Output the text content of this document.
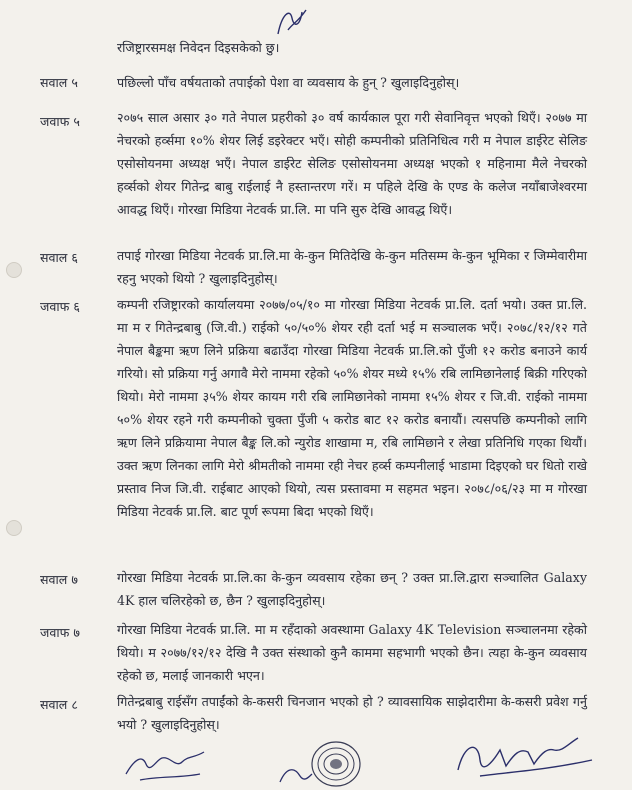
रजिष्ट्रारसमक्ष निवेदन दिइसकेको छु।
सवाल ५	पछिल्लो पाँच वर्षयताको तपाईको पेशा वा व्यवसाय के हुन् ? खुलाइदिनुहोस्।

जवाफ ५	२०७५ साल असार ३० गते नेपाल प्रहरीको ३० वर्ष कार्यकाल पूरा गरी सेवानिवृत्त भएको थिएँ। २०७७ मा नेचरको हर्व्समा १०% शेयर लिई डइरेक्टर भएँ। सोही कम्पनीको प्रतिनिधित्व गरी म नेपाल डाईरेट सेलिङ एसोसोयनमा अध्यक्ष भएँ। नेपाल डाईरेट सेलिङ एसोसोयनमा अध्यक्ष भएको १ महिनामा मैले नेचरको हर्व्सको शेयर गितेन्द्र बाबु राईलाई नै हस्तान्तरण गरें। म पहिले देखि के एण्ड के कलेज नयाँबाजेश्वरमा आवद्ध थिएँ। गोरखा मिडिया नेटवर्क प्रा.लि. मा पनि सुरु देखि आवद्ध थिएँ।

सवाल ६	तपाई गोरखा मिडिया नेटवर्क प्रा.लि.मा के-कुन मितिदेखि के-कुन मतिसम्म के-कुन भूमिका र जिम्मेवारीमा रहनु भएको थियो ? खुलाइदिनुहोस्।

जवाफ ६	कम्पनी रजिष्ट्रारको कार्यालयमा २०७७/०५/१० मा गोरखा मिडिया नेटवर्क प्रा.लि. दर्ता भयो। उक्त प्रा.लि. मा म र गितेन्द्रबाबु (जि.वी.) राईको ५०/५०% शेयर रही दर्ता भई म सञ्चालक भएँ। २०७८/१२/१२ गते नेपाल बैङ्कमा ऋण लिने प्रक्रिया बढाउँदा गोरखा मिडिया नेटवर्क प्रा.लि.को पुँजी १२ करोड बनाउने कार्य गरियो। सो प्रक्रिया गर्नु अगावै मेरो नाममा रहेको ५०% शेयर मध्ये १५% रबि लामिछानेलाई बिक्री गरिएको थियो। मेरो नाममा ३५% शेयर कायम गरी रबि लामिछानेको नाममा १५% शेयर र जि.वी. राईको नाममा ५०% शेयर रहने गरी कम्पनीको चुक्ता पुँजी ५ करोड बाट १२ करोड बनायौं। त्यसपछि कम्पनीको लागि ऋण लिने प्रक्रियामा नेपाल बैङ्क लि.को न्युरोड शाखामा म, रबि लामिछाने र लेखा प्रतिनिधि गएका थियौं। उक्त ऋण लिनका लागि मेरो श्रीमतीको नाममा रही नेचर हर्व्स कम्पनीलाई भाडामा दिइएको घर धितो राखे प्रस्ताव निज जि.वी. राईबाट आएको थियो, त्यस प्रस्तावमा म सहमत भइन। २०७८/०६/२३ मा म गोरखा मिडिया नेटवर्क प्रा.लि. बाट पूर्ण रूपमा बिदा भएको थिएँ।

सवाल ७	गोरखा मिडिया नेटवर्क प्रा.लि.का के-कुन व्यवसाय रहेका छन् ? उक्त प्रा.लि.द्वारा सञ्चालित Galaxy 4K हाल चलिरहेको छ, छैन ? खुलाइदिनुहोस्।

जवाफ ७	गोरखा मिडिया नेटवर्क प्रा.लि. मा म रहँदाको अवस्थामा Galaxy 4K Television सञ्चालनमा रहेको थियो। म २०७७/१२/१२ देखि नै उक्त संस्थाको कुनै काममा सहभागी भएको छैन। त्यहा के-कुन व्यवसाय रहेको छ, मलाई जानकारी भएन।

सवाल ८	गितेन्द्रबाबु राईसँग तपाईंको के-कसरी चिनजान भएको हो ? व्यावसायिक साझेदारीमा के-कसरी प्रवेश गर्नु भयो ? खुलाइदिनुहोस्।
